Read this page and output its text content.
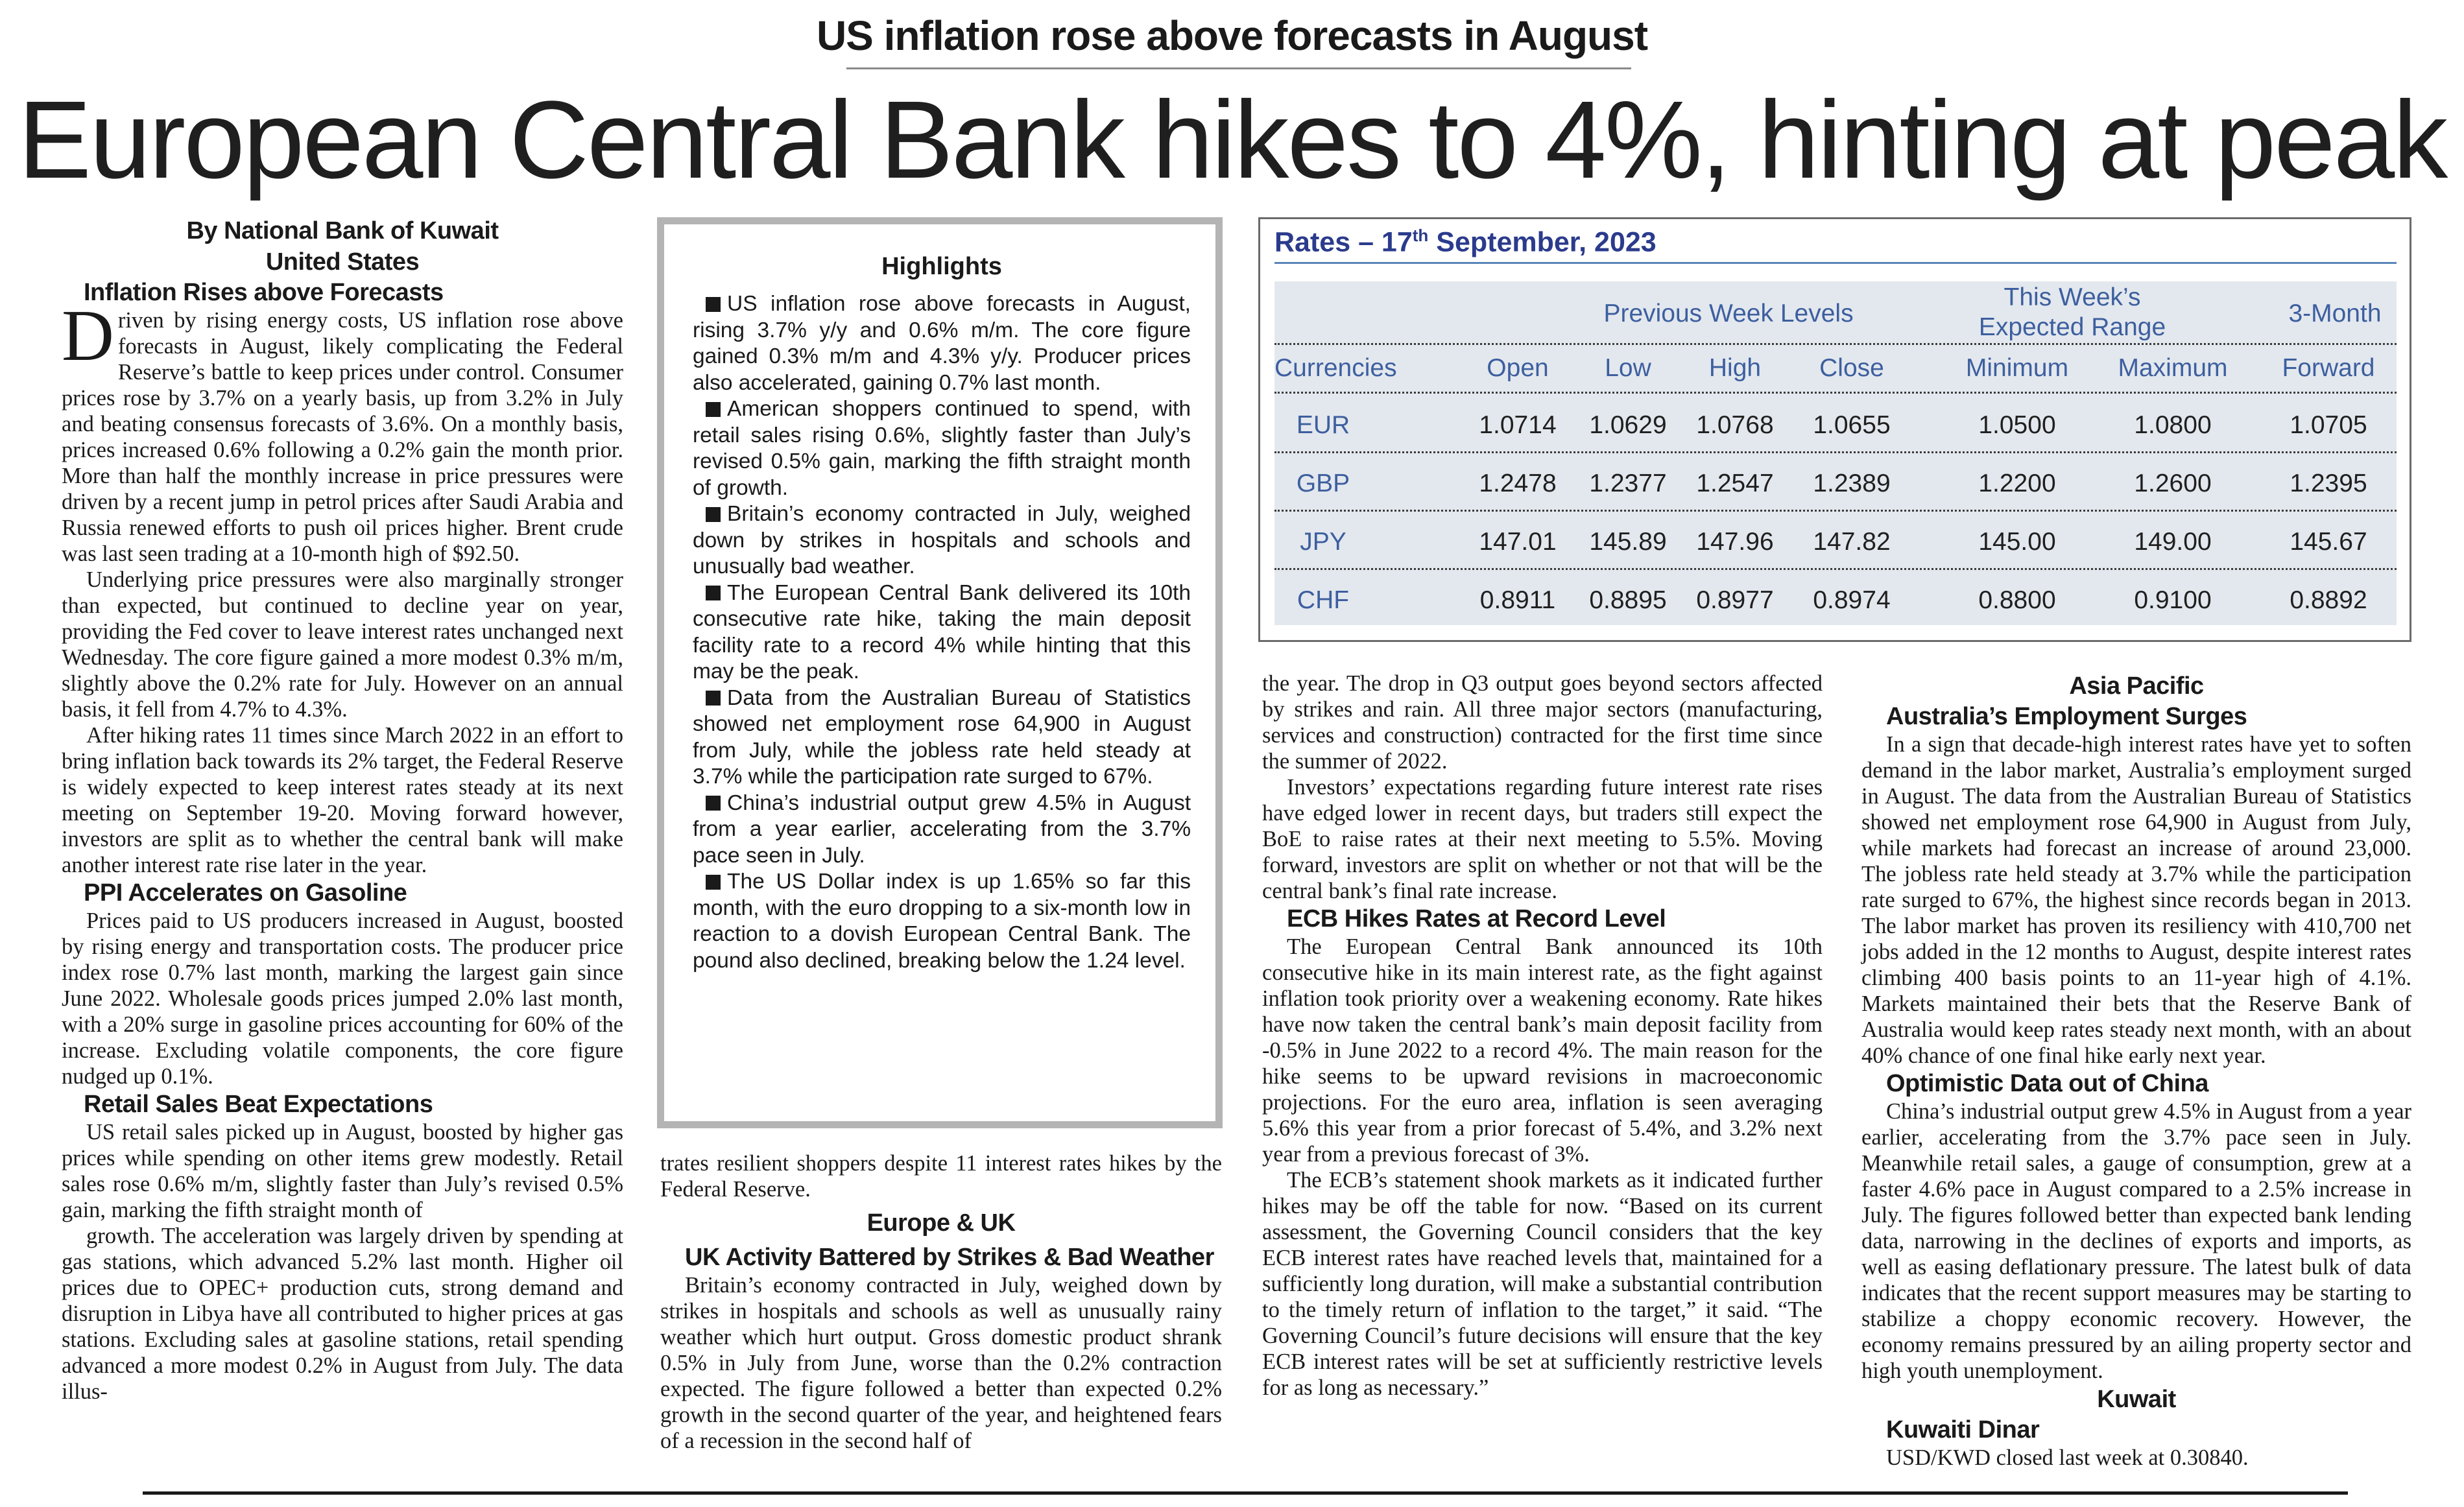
US inflation rose above forecasts in August
European Central Bank hikes to 4%, hinting at peak
By National Bank of Kuwait
United States
Inflation Rises above Forecasts

Driven by rising energy costs, US inflation rose above forecasts in August, likely complicating the Federal Reserve’s battle to keep prices under control. Consumer prices rose by 3.7% on a yearly basis, up from 3.2% in July and beating consensus forecasts of 3.6%. On a monthly basis, prices increased 0.6% following a 0.2% gain the month prior. More than half the monthly increase in price pressures were driven by a recent jump in petrol prices after Saudi Arabia and Russia renewed efforts to push oil prices higher. Brent crude was last seen trading at a 10-month high of $92.50.

Underlying price pressures were also marginally stronger than expected, but continued to decline year on year, providing the Fed cover to leave interest rates unchanged next Wednesday. The core figure gained a more modest 0.3% m/m, slightly above the 0.2% rate for July. However on an annual basis, it fell from 4.7% to 4.3%.

After hiking rates 11 times since March 2022 in an effort to bring inflation back towards its 2% target, the Federal Reserve is widely expected to keep interest rates steady at its next meeting on September 19-20. Moving forward however, investors are split as to whether the central bank will make another interest rate rise later in the year.

PPI Accelerates on Gasoline

Prices paid to US producers increased in August, boosted by rising energy and transportation costs. The producer price index rose 0.7% last month, marking the largest gain since June 2022. Wholesale goods prices jumped 2.0% last month, with a 20% surge in gasoline prices accounting for 60% of the increase. Excluding volatile components, the core figure nudged up 0.1%.

Retail Sales Beat Expectations

US retail sales picked up in August, boosted by higher gas prices while spending on other items grew modestly. Retail sales rose 0.6% m/m, slightly faster than July’s revised 0.5% gain, marking the fifth straight month of

growth. The acceleration was largely driven by spending at gas stations, which advanced 5.2% last month. Higher oil prices due to OPEC+ production cuts, strong demand and disruption in Libya have all contributed to higher prices at gas stations. Excluding sales at gasoline stations, retail spending advanced a more modest 0.2% in August from July. The data illus-

Highlights
US inflation rose above forecasts in August, rising 3.7% y/y and 0.6% m/m. The core figure gained 0.3% m/m and 4.3% y/y. Producer prices also accelerated, gaining 0.7% last month.
American shoppers continued to spend, with retail sales rising 0.6%, slightly faster than July’s revised 0.5% gain, marking the fifth straight month of growth.
Britain’s economy contracted in July, weighed down by strikes in hospitals and schools and unusually bad weather.
The European Central Bank delivered its 10th consecutive rate hike, taking the main deposit facility rate to a record 4% while hinting that this may be the peak.
Data from the Australian Bureau of Statistics showed net employment rose 64,900 in August from July, while the jobless rate held steady at 3.7% while the participation rate surged to 67%.
China’s industrial output grew 4.5% in August from a year earlier, accelerating from the 3.7% pace seen in July.
The US Dollar index is up 1.65% so far this month, with the euro dropping to a six-month low in reaction to a dovish European Central Bank. The pound also declined, breaking below the 1.24 level.

trates resilient shoppers despite 11 interest rates hikes by the Federal Reserve.

Europe & UK
UK Activity Battered by Strikes & Bad Weather

Britain’s economy contracted in July, weighed down by strikes in hospitals and schools as well as unusually rainy weather which hurt output. Gross domestic product shrank 0.5% in July from June, worse than the 0.2% contraction expected. The figure followed a better than expected 0.2% growth in the second quarter of the year, and heightened fears of a recession in the second half of

Rates – 17th September, 2023
Previous Week Levels
This Week’s Expected Range	3-Month
Currencies	Open	Low	High	Close	Minimum	Maximum	Forward
EUR	1.0714	1.0629	1.0768	1.0655	1.0500	1.0800	1.0705
GBP	1.2478	1.2377	1.2547	1.2389	1.2200	1.2600	1.2395
JPY	147.01	145.89	147.96	147.82	145.00	149.00	145.67
CHF	0.8911	0.8895	0.8977	0.8974	0.8800	0.9100	0.8892

the year. The drop in Q3 output goes beyond sectors affected by strikes and rain. All three major sectors (manufacturing, services and construction) contracted for the first time since the summer of 2022.

Investors’ expectations regarding future interest rate rises have edged lower in recent days, but traders still expect the BoE to raise rates at their next meeting to 5.5%. Moving forward, investors are split on whether or not that will be the central bank’s final rate increase.

ECB Hikes Rates at Record Level

The European Central Bank announced its 10th consecutive hike in its main interest rate, as the fight against inflation took priority over a weakening economy. Rate hikes have now taken the central bank’s main deposit facility from -0.5% in June 2022 to a record 4%. The main reason for the hike seems to be upward revisions in macroeconomic projections. For the euro area, inflation is seen averaging 5.6% this year from a prior forecast of 5.4%, and 3.2% next year from a previous forecast of 3%.

The ECB’s statement shook markets as it indicated further hikes may be off the table for now. “Based on its current assessment, the Governing Council considers that the key ECB interest rates have reached levels that, maintained for a sufficiently long duration, will make a substantial contribution to the timely return of inflation to the target,” it said. “The Governing Council’s future decisions will ensure that the key ECB interest rates will be set at sufficiently restrictive levels for as long as necessary.”

Asia Pacific
Australia’s Employment Surges

In a sign that decade-high interest rates have yet to soften demand in the labor market, Australia’s employment surged in August. The data from the Australian Bureau of Statistics showed net employment rose 64,900 in August from July, while markets had forecast an increase of around 23,000. The jobless rate held steady at 3.7% while the participation rate surged to 67%, the highest since records began in 2013. The labor market has proven its resiliency with 410,700 net jobs added in the 12 months to August, despite interest rates climbing 400 basis points to an 11-year high of 4.1%. Markets maintained their bets that the Reserve Bank of Australia would keep rates steady next month, with an about 40% chance of one final hike early next year.

Optimistic Data out of China

China’s industrial output grew 4.5% in August from a year earlier, accelerating from the 3.7% pace seen in July. Meanwhile retail sales, a gauge of consumption, grew at a faster 4.6% pace in August compared to a 2.5% increase in July. The figures followed better than expected bank lending data, narrowing in the declines of exports and imports, as well as easing deflationary pressure. The latest bulk of data indicates that the recent support measures may be starting to stabilize a choppy economic recovery. However, the economy remains pressured by an ailing property sector and high youth unemployment.

Kuwait
Kuwaiti Dinar

USD/KWD closed last week at 0.30840.
